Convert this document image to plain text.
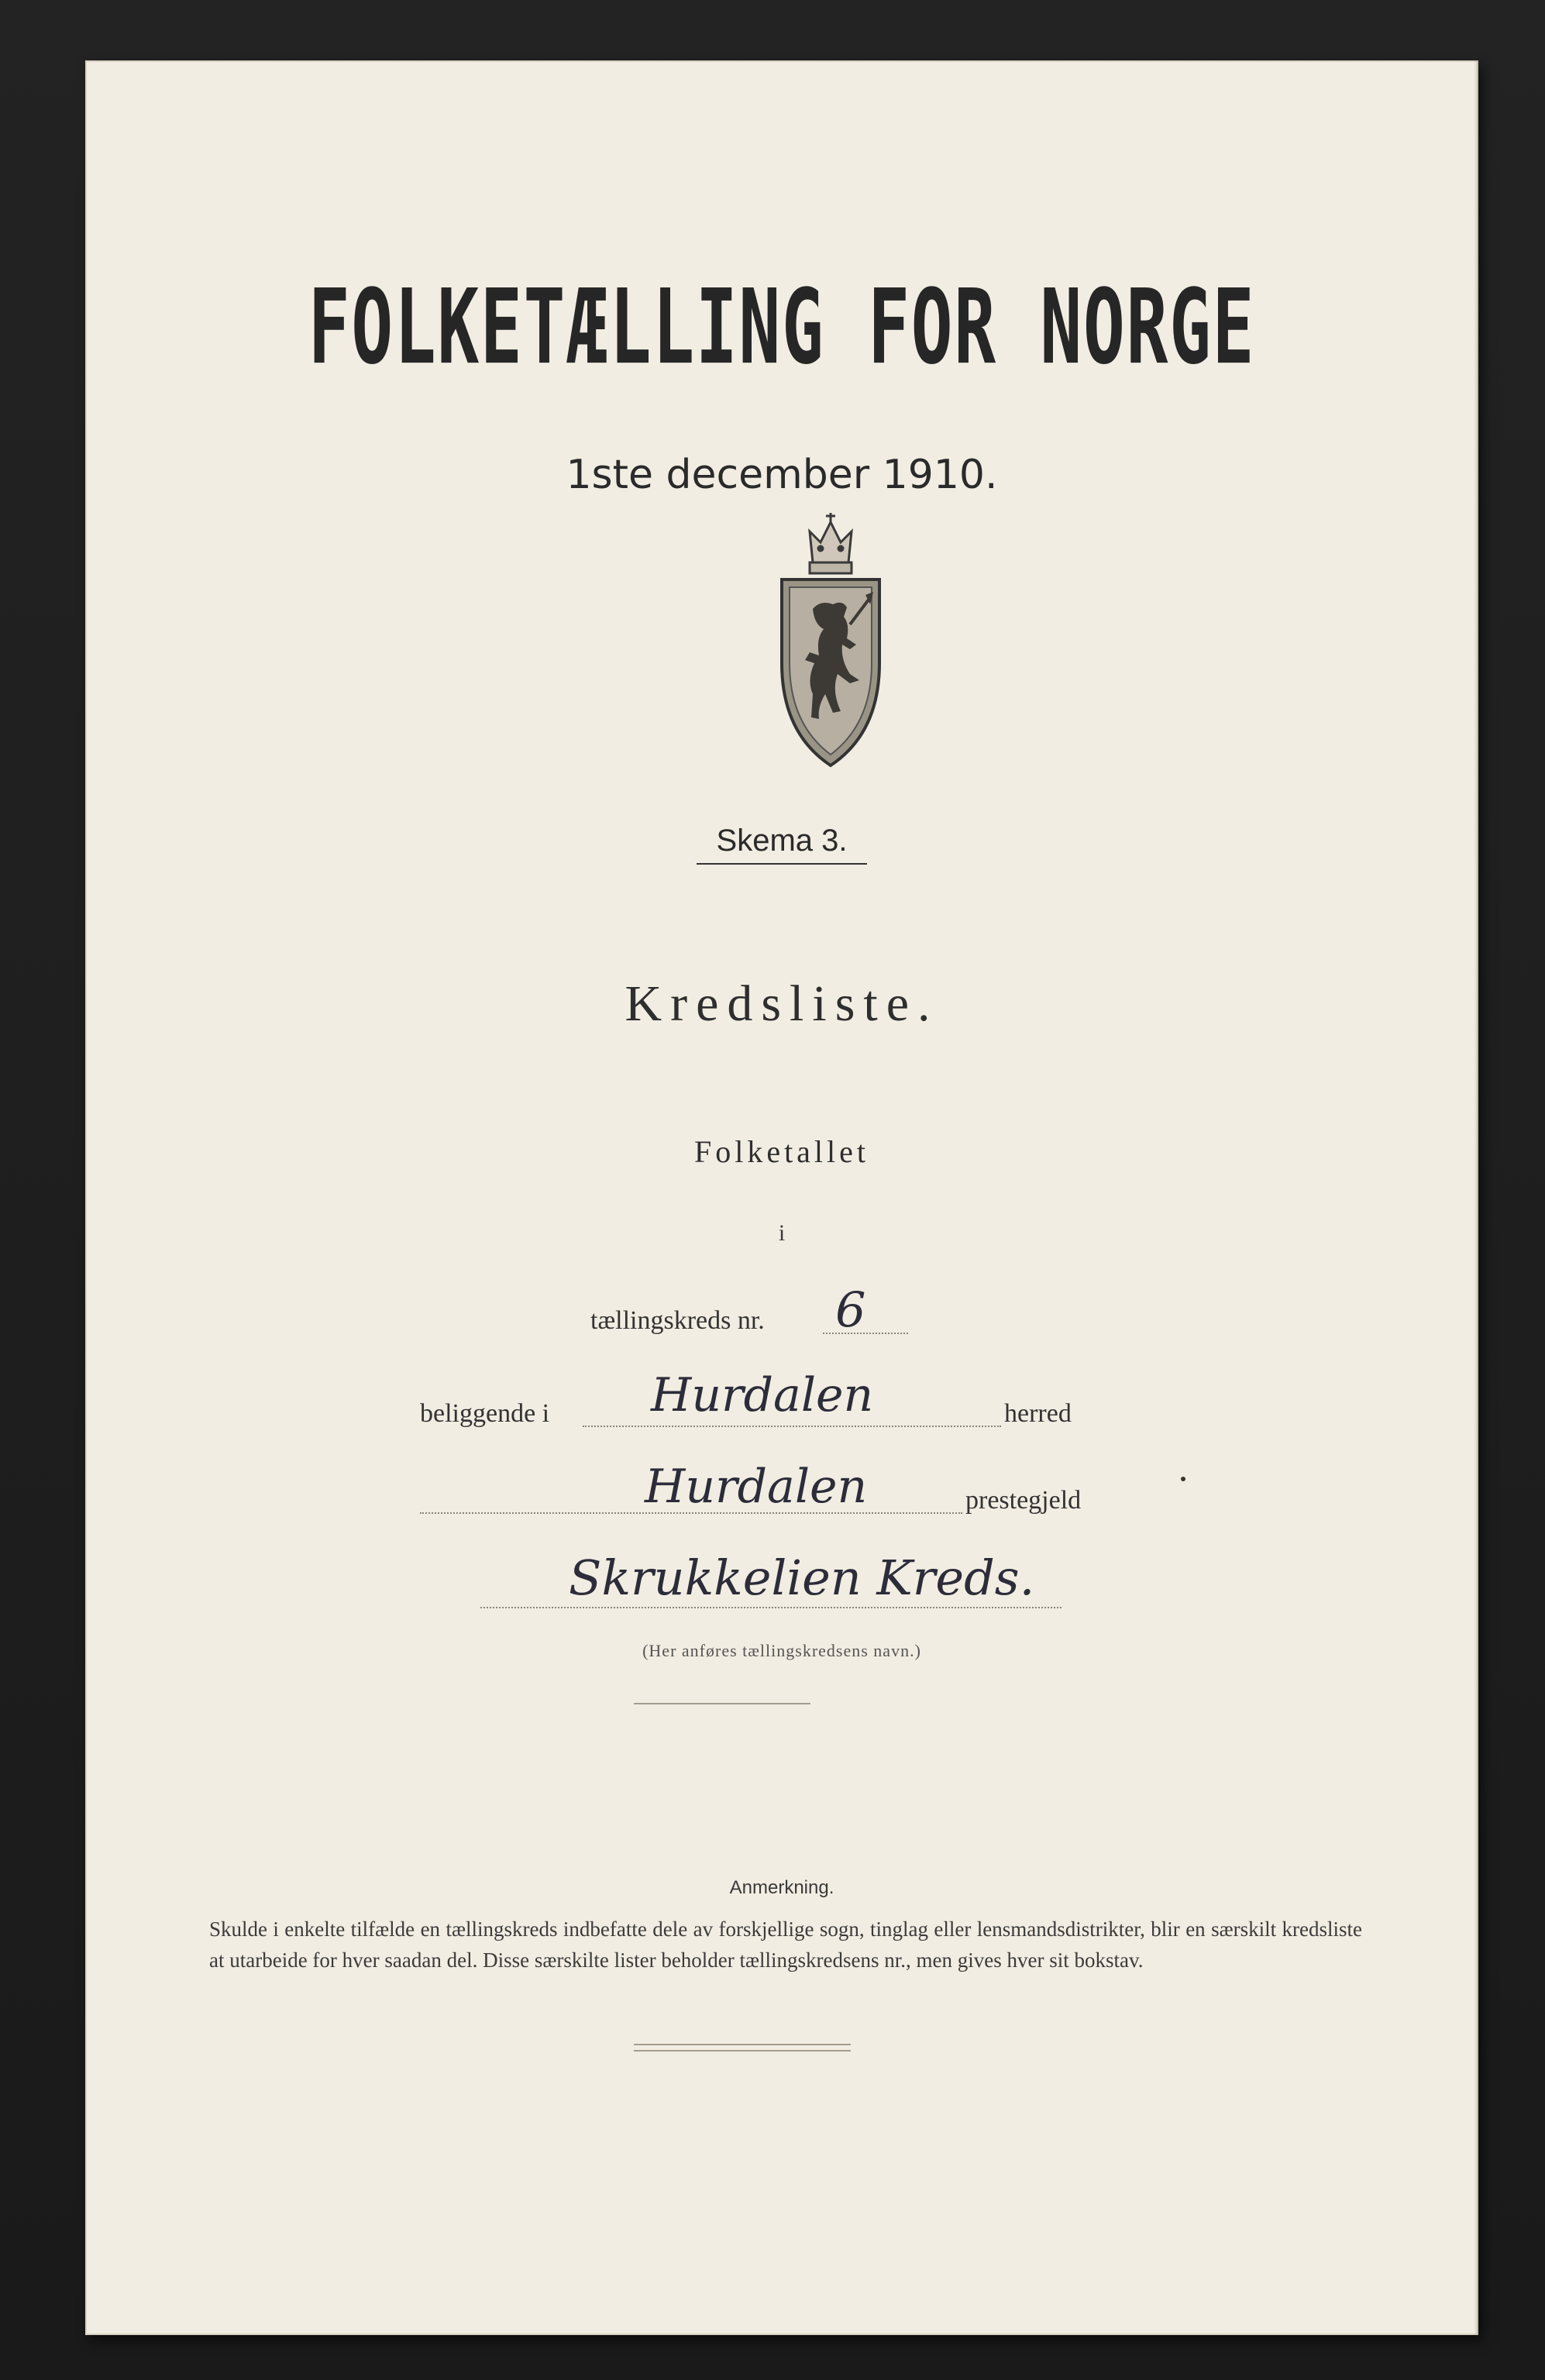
FOLKETÆLLING FOR NORGE
1ste december 1910.
Skema 3.
Kredsliste.
Folketallet
i
tællingskreds nr. 6
beliggende i Hurdalen	herred
Hurdalen	prestegjeld
Skrukkelien Kreds.
(Her anføres tællingskredsens navn.)
Anmerkning.
Skulde i enkelte tilfælde en tællingskreds indbefatte dele av forskjellige sogn, tinglag eller lensmandsdistrikter, blir en særskilt kredsliste at utarbeide for hver saadan del. Disse særskilte lister beholder tællingskredsens nr., men gives hver sit bokstav.
